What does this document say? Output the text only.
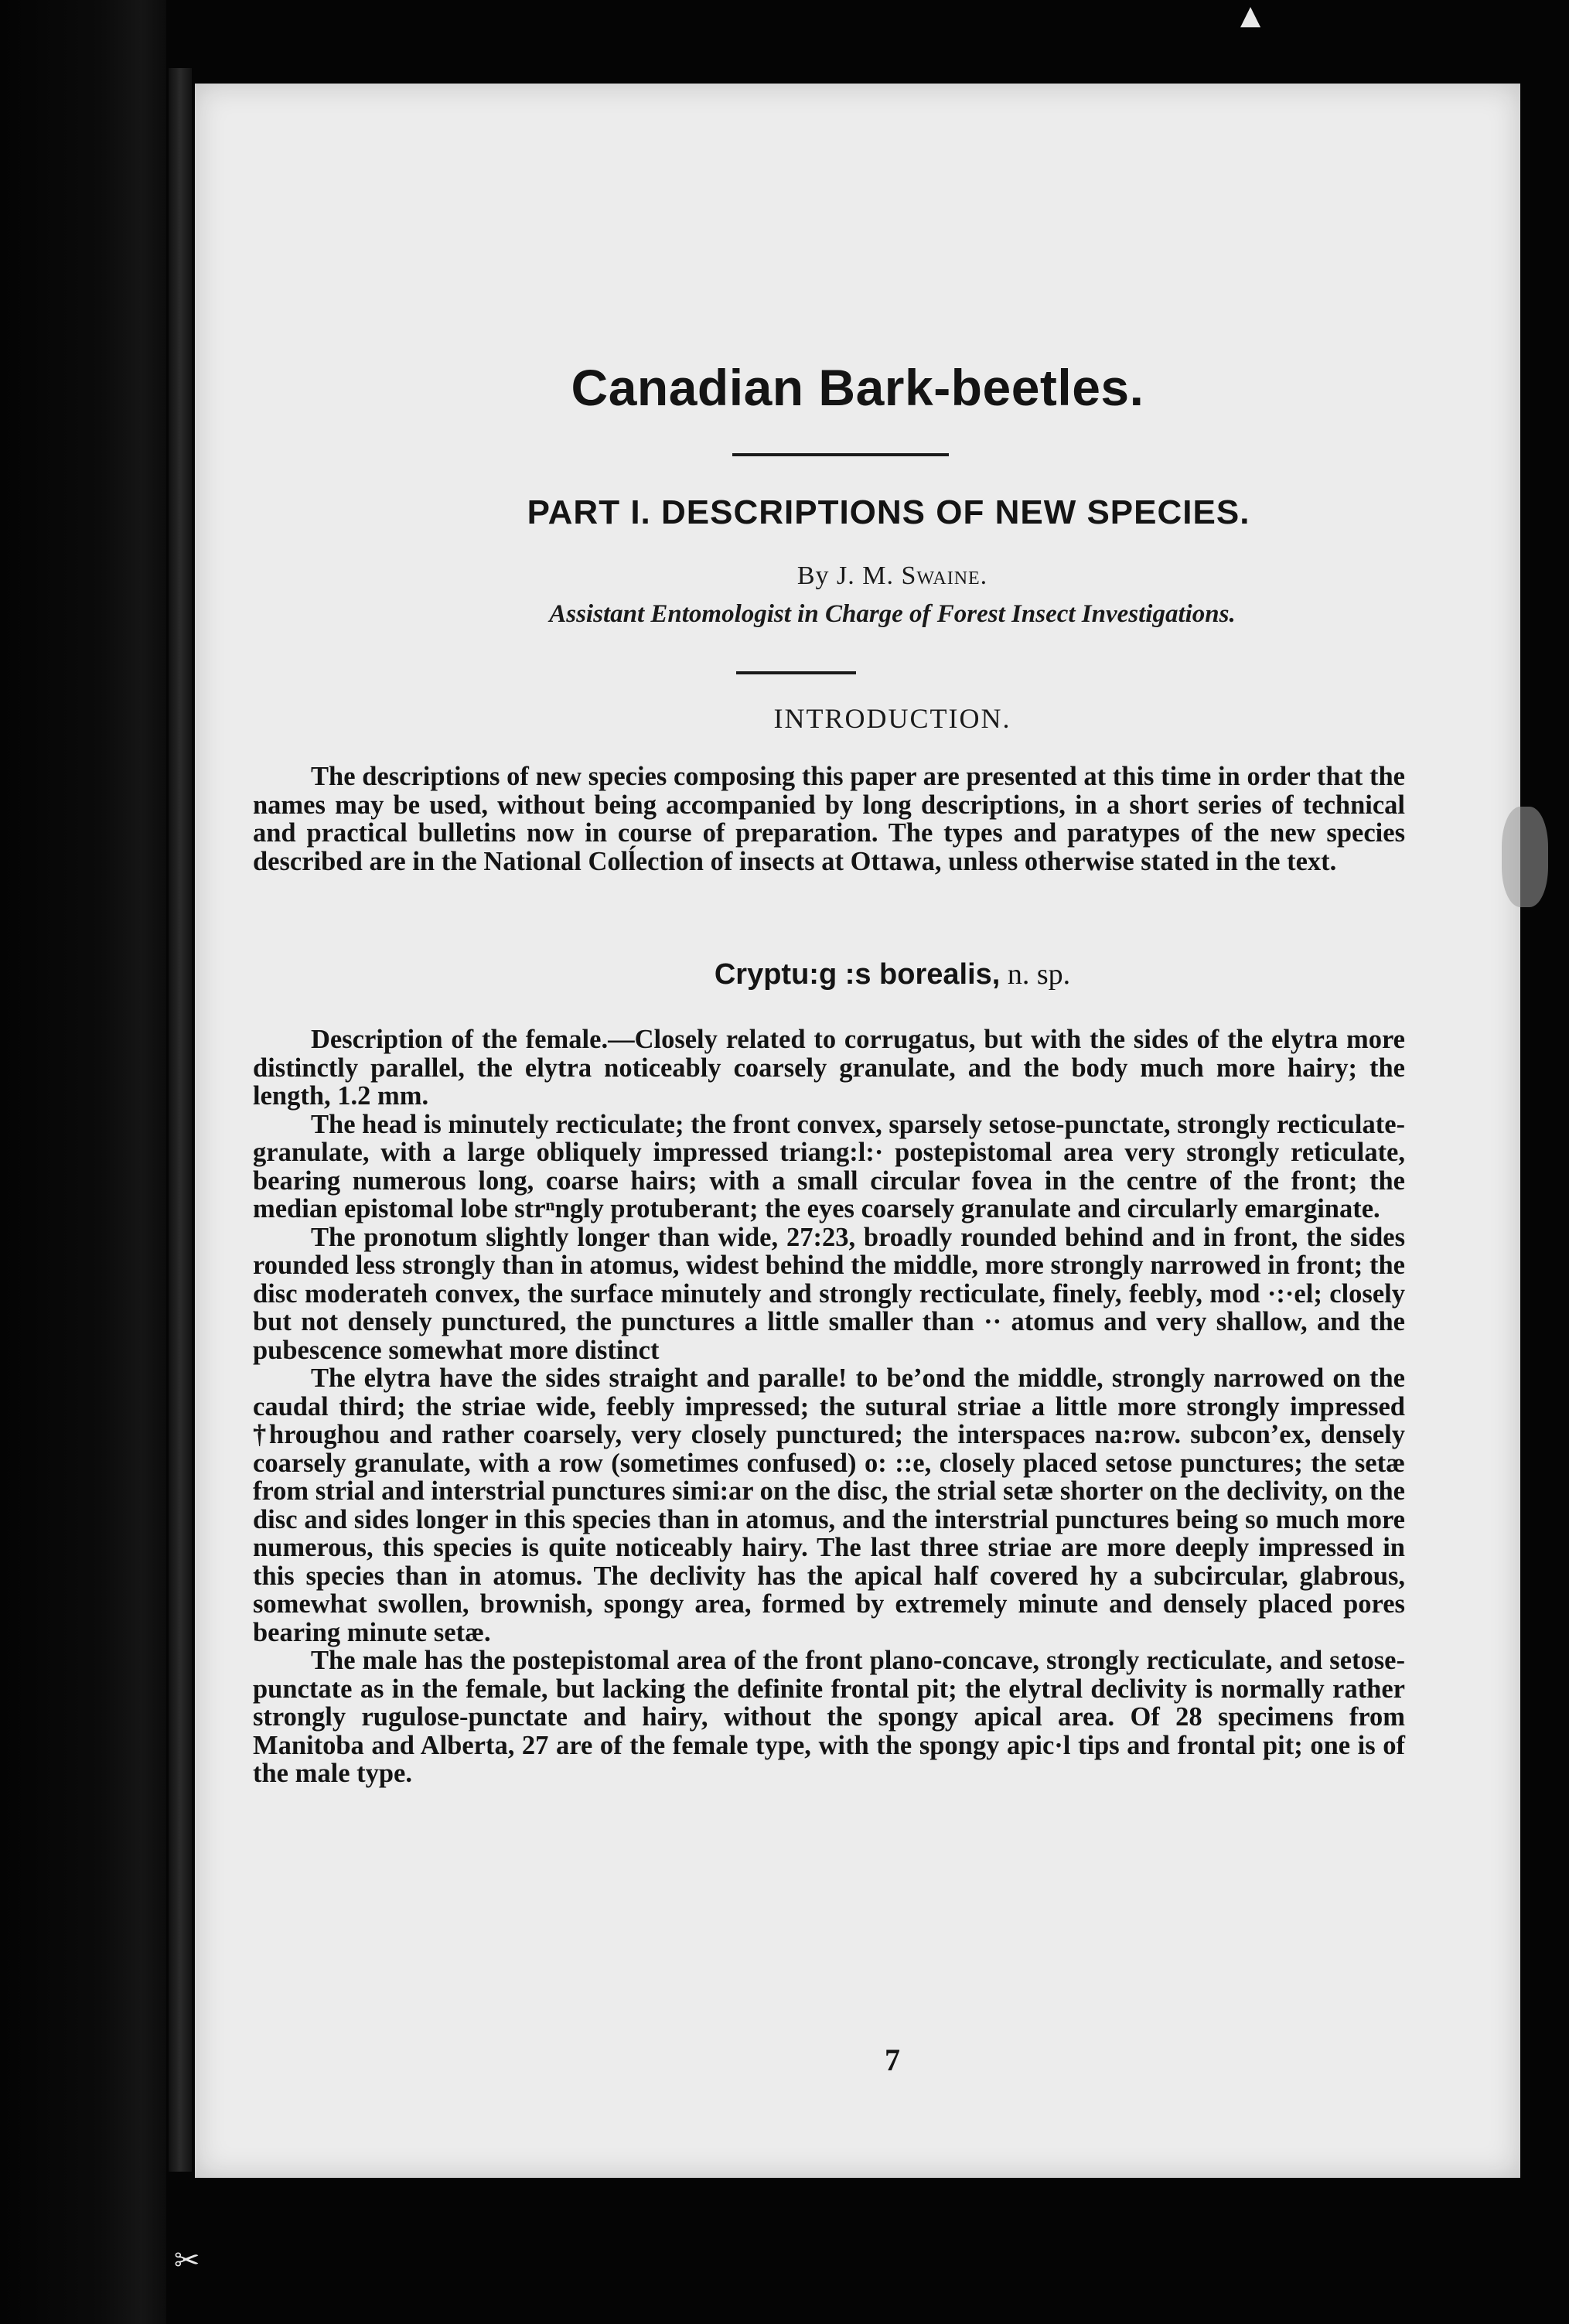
▲
✂
Canadian Bark-beetles.
PART I. DESCRIPTIONS OF NEW SPECIES.
By J. M. Swaine.
Assistant Entomologist in Charge of Forest Insect Investigations.
INTRODUCTION.

The descriptions of new species composing this paper are presented at this time in order that the names may be used, without being accompanied by long descriptions, in a short series of technical and practical bulletins now in course of preparation. The types and paratypes of the new species described are in the National Colĺection of insects at Ottawa, unless otherwise stated in the text.

Cryptu:ɡ :s borealis, n. sp.

Description of the female.—Closely related to corrugatus, but with the sides of the elytra more distinctly parallel, the elytra noticeably coarsely granulate, and the body much more hairy; the length, 1.2 mm.

The head is minutely recticulate; the front convex, sparsely setose-punctate, strongly recticulate-granulate, with a large obliquely impressed triang:l:· postepistomal area very strongly reticulate, bearing numerous long, coarse hairs; with a small circular fovea in the centre of the front; the median epistomal lobe strⁿngly protuberant; the eyes coarsely granulate and circularly emarginate.

The pronotum slightly longer than wide, 27:23, broadly rounded behind and in front, the sides rounded less strongly than in atomus, widest behind the middle, more strongly narrowed in front; the disc moderateh convex, the surface minutely and strongly recticulate, finely, feebly, mod ·:·el; closely but not densely punctured, the punctures a little smaller than ·· atomus and very shallow, and the pubescence somewhat more distinct

The elytra have the sides straight and paralle! to be’ond the middle, strongly narrowed on the caudal third; the striae wide, feebly impressed; the sutural striae a little more strongly impressed †hroughou and rather coarsely, very closely punctured; the interspaces na:row. subconʼex, densely coarsely granulate, with a row (sometimes confused) o: ::e, closely placed setose punctures; the setæ from strial and interstrial punctures simi:ar on the disc, the strial setæ shorter on the declivity, on the disc and sides longer in this species than in atomus, and the interstrial punctures being so much more numerous, this species is quite noticeably hairy. The last three striae are more deeply impressed in this species than in atomus. The declivity has the apical half covered hy a subcircular, glabrous, somewhat swollen, brownish, spongy area, formed by extremely minute and densely placed pores bearing minute setæ.

The male has the postepistomal area of the front plano-concave, strongly recticulate, and setose-punctate as in the female, but lacking the definite frontal pit; the elytral declivity is normally rather strongly rugulose-punctate and hairy, without the spongy apical area. Of 28 specimens from Manitoba and Alberta, 27 are of the female type, with the spongy apic·l tips and frontal pit; one is of the male type.

7
